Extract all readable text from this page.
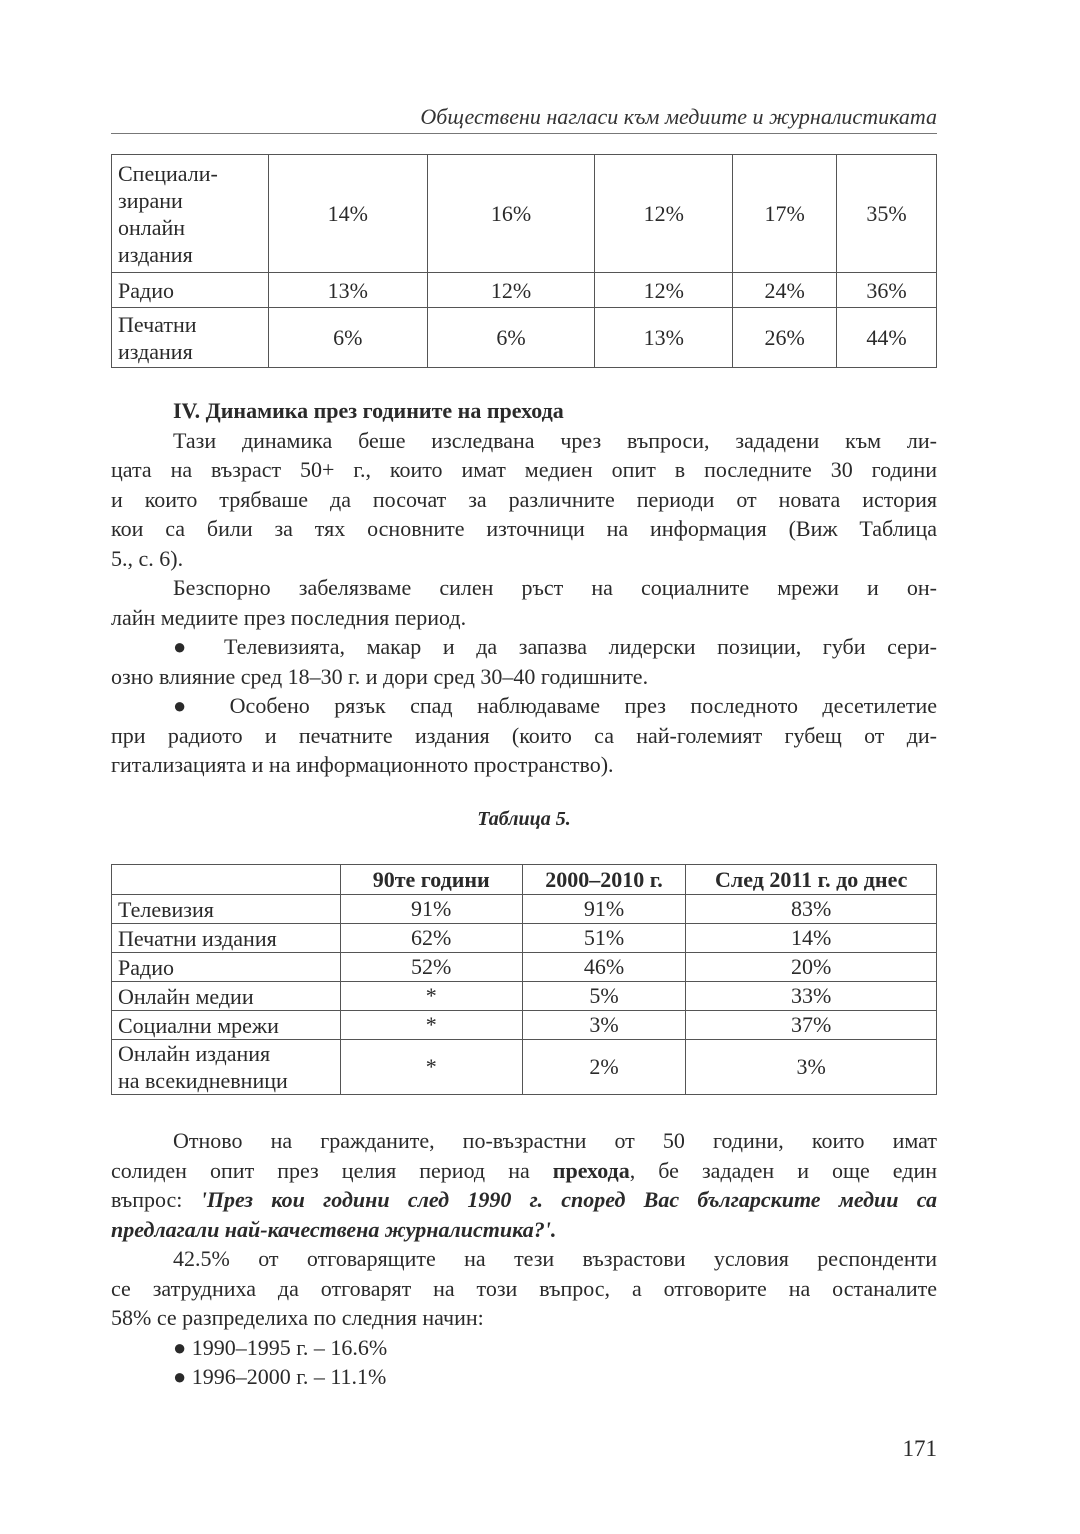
Обществени нагласи към медиите и журналистиката
Специали-
зирани
онлайн
издания	14%	16%	12%	17%	35%
Радио	13%	12%	12%	24%	36%

Печатни
издания	6%	6%	13%	26%	44%
IV. Динамика през годините на прехода
Тази динамика беше изследвана чрез въпроси, зададени към ли-
цата на възраст 50+ г., които имат медиен опит в последните 30 години
и които трябваше да посочат за различните периоди от новата история
кои са били за тях основните източници на информация (Виж Таблица
5., с. 6).
Безспорно забелязваме силен ръст на социалните мрежи и он-
лайн медиите през последния период.
● Телевизията, макар и да запазва лидерски позиции, губи сери-
озно влияние сред 18–30 г. и дори сред 30–40 годишните.
● Особено рязък спад наблюдаваме през последното десетилетие
при радиото и печатните издания (които са най-големият губещ от ди-
гитализацията и на информационното пространство).
Таблица 5.
	90те години	2000–2010 г.	След 2011 г. до днес
Телевизия	91%	91%	83%
Печатни издания	62%	51%	14%
Радио	52%	46%	20%
Онлайн медии	*	5%	33%
Социални мрежи	*	3%	37%

Онлайн издания
на всекидневници	*	2%	3%
Отново на гражданите, по-възрастни от 50 години, които имат
солиден опит през целия период на прехода, бе зададен и още един
въпрос: 'През кои години след 1990 г. според Вас българските медии са
предлагали най-качествена журналистика?'.
42.5% от отговарящите на тези възрастови условия респонденти
се затрудниха да отговарят на този въпрос, а отговорите на останалите
58% се разпределиха по следния начин:
● 1990–1995 г. – 16.6%
● 1996–2000 г. – 11.1%
171
